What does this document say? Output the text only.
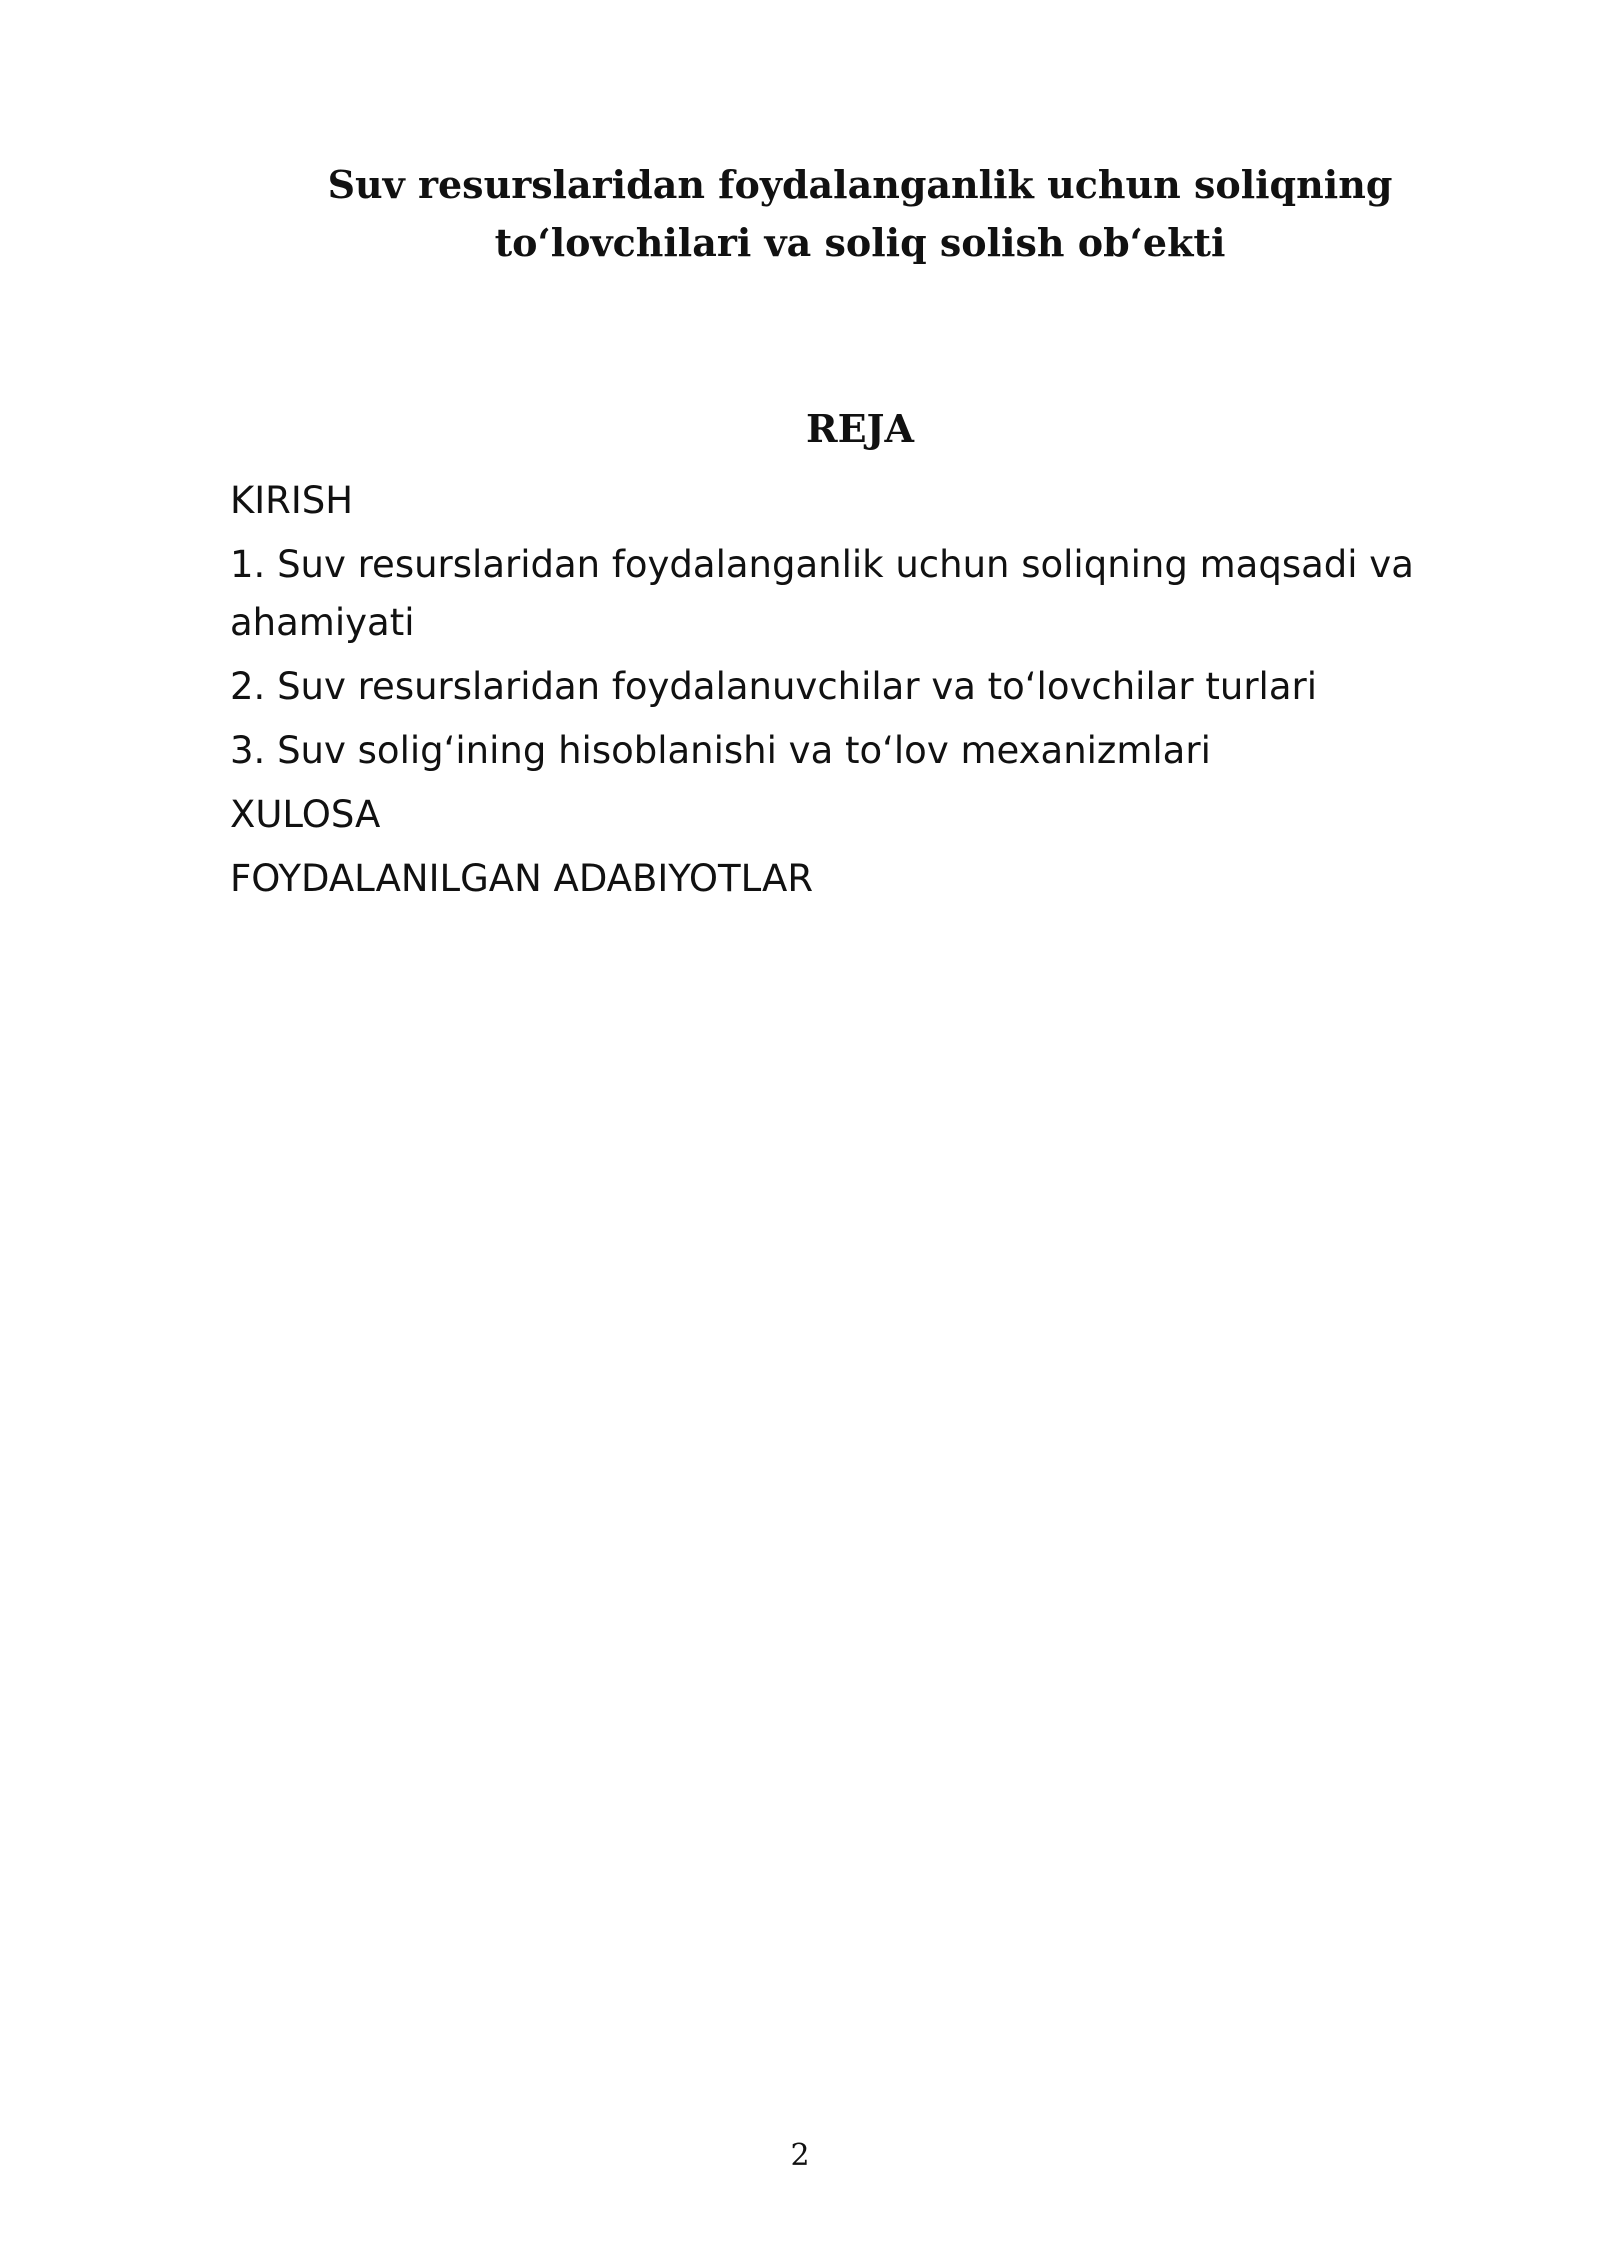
Suv resurslaridan foydalanganlik uchun soliqning
to‘lovchilari va soliq solish ob‘ekti
REJA
KIRISH
1. Suv resurslaridan foydalanganlik uchun soliqning maqsadi va ahamiyati
2. Suv resurslaridan foydalanuvchilar va to‘lovchilar turlari
3. Suv solig‘ining hisoblanishi va to‘lov mexanizmlari
XULOSA
FOYDALANILGAN ADABIYOTLAR
2
